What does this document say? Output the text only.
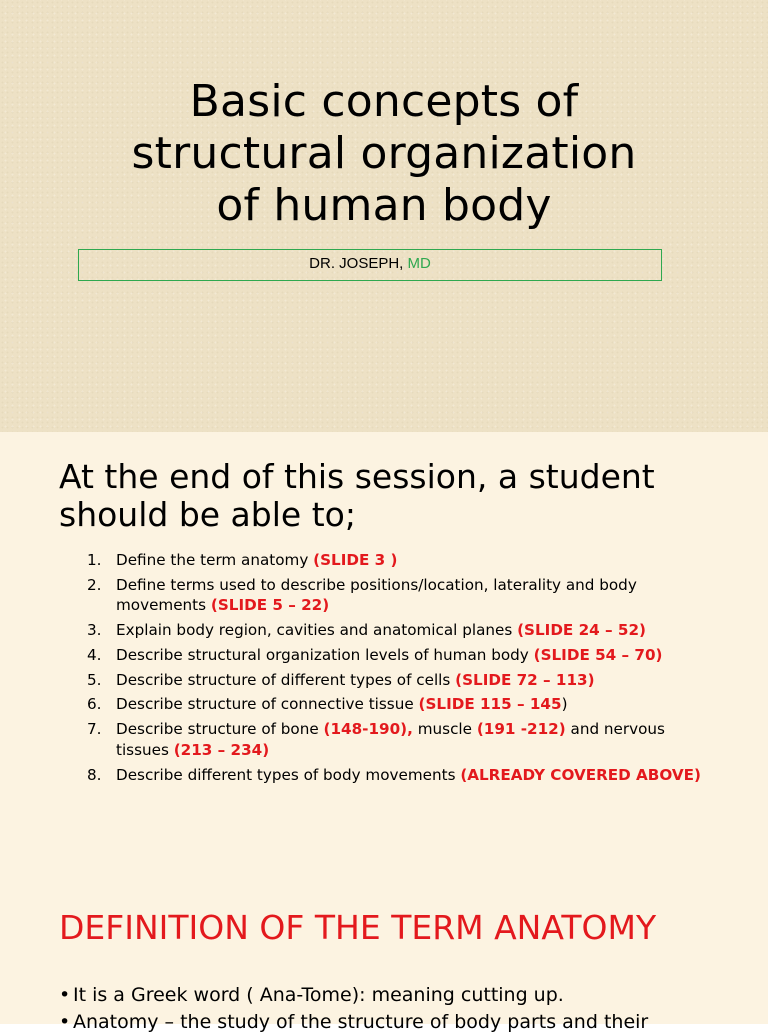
Basic concepts of
structural organization
of human body
DR. JOSEPH, MD
At the end of this session, a student
should be able to;
1. Define the term anatomy (SLIDE 3 )
2. Define terms used to describe positions/location, laterality and body movements (SLIDE 5 – 22)
3. Explain body region, cavities and anatomical planes (SLIDE 24 – 52)
4. Describe structural organization levels of human body (SLIDE 54 – 70)
5. Describe structure of different types of cells (SLIDE 72 – 113)
6. Describe structure of connective tissue (SLIDE 115 – 145)
7. Describe structure of bone (148-190), muscle (191 -212) and nervous tissues (213 – 234)
8. Describe different types of body movements (ALREADY COVERED ABOVE)
DEFINITION OF THE TERM ANATOMY
• It is a Greek word ( Ana-Tome): meaning cutting up.
• Anatomy – the study of the structure of body parts and their
